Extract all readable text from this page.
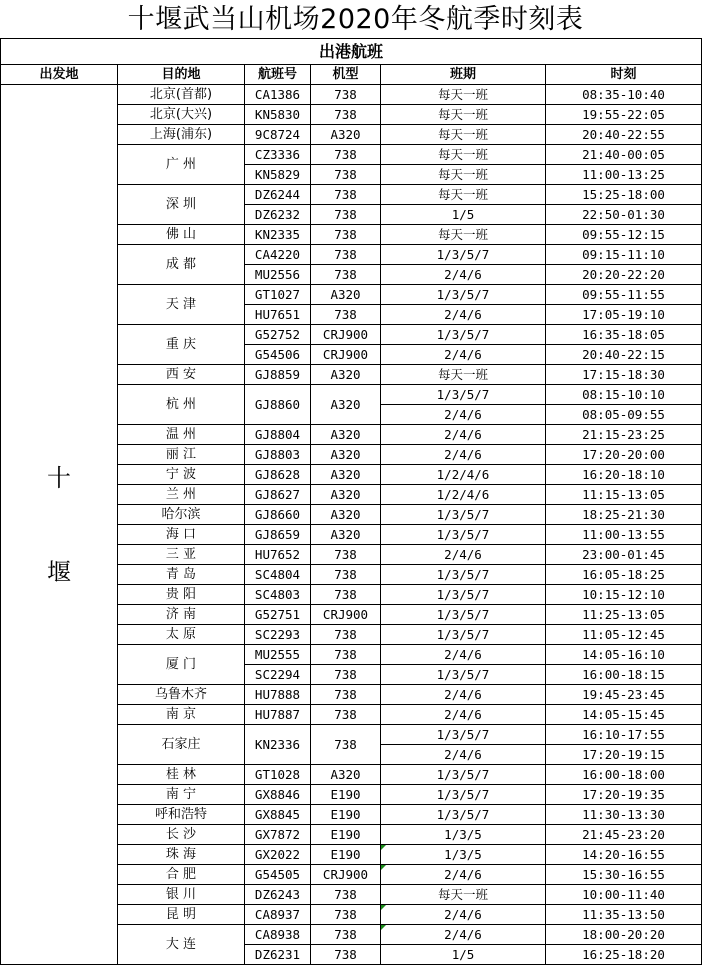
十堰武当山机场2020年冬航季时刻表
出港航班					
出发地	目的地	航班号	机型	班期	时刻

十
堰	北京(首都)	CA1386	738	每天一班	08:35-10:40
	北京(大兴)	KN5830	738	每天一班	19:55-22:05
	上海(浦东)	9C8724	A320	每天一班	20:40-22:55
	广 州	CZ3336	738	每天一班	21:40-00:05
		KN5829	738	每天一班	11:00-13:25
	深 圳	DZ6244	738	每天一班	15:25-18:00
		DZ6232	738	1/5	22:50-01:30
	佛 山	KN2335	738	每天一班	09:55-12:15
	成 都	CA4220	738	1/3/5/7	09:15-11:10
		MU2556	738	2/4/6	20:20-22:20
	天 津	GT1027	A320	1/3/5/7	09:55-11:55
		HU7651	738	2/4/6	17:05-19:10
	重 庆	G52752	CRJ900	1/3/5/7	16:35-18:05
		G54506	CRJ900	2/4/6	20:40-22:15
	西 安	GJ8859	A320	每天一班	17:15-18:30
	杭 州	GJ8860	A320	1/3/5/7	08:15-10:10
				2/4/6	08:05-09:55
	温 州	GJ8804	A320	2/4/6	21:15-23:25
	丽 江	GJ8803	A320	2/4/6	17:20-20:00
	宁 波	GJ8628	A320	1/2/4/6	16:20-18:10
	兰 州	GJ8627	A320	1/2/4/6	11:15-13:05
	哈尔滨	GJ8660	A320	1/3/5/7	18:25-21:30
	海 口	GJ8659	A320	1/3/5/7	11:00-13:55
	三 亚	HU7652	738	2/4/6	23:00-01:45
	青 岛	SC4804	738	1/3/5/7	16:05-18:25
	贵 阳	SC4803	738	1/3/5/7	10:15-12:10
	济 南	G52751	CRJ900	1/3/5/7	11:25-13:05
	太 原	SC2293	738	1/3/5/7	11:05-12:45
	厦 门	MU2555	738	2/4/6	14:05-16:10
		SC2294	738	1/3/5/7	16:00-18:15
	乌鲁木齐	HU7888	738	2/4/6	19:45-23:45
	南 京	HU7887	738	2/4/6	14:05-15:45
	石家庄	KN2336	738	1/3/5/7	16:10-17:55
				2/4/6	17:20-19:15
	桂 林	GT1028	A320	1/3/5/7	16:00-18:00
	南 宁	GX8846	E190	1/3/5/7	17:20-19:35
	呼和浩特	GX8845	E190	1/3/5/7	11:30-13:30
	长 沙	GX7872	E190	1/3/5	21:45-23:20
	珠 海	GX2022	E190	1/3/5	14:20-16:55
	合 肥	G54505	CRJ900	2/4/6	15:30-16:55
	银 川	DZ6243	738	每天一班	10:00-11:40
	昆 明	CA8937	738	2/4/6	11:35-13:50
	大 连	CA8938	738	2/4/6	18:00-20:20
		DZ6231	738	1/5	16:25-18:20
